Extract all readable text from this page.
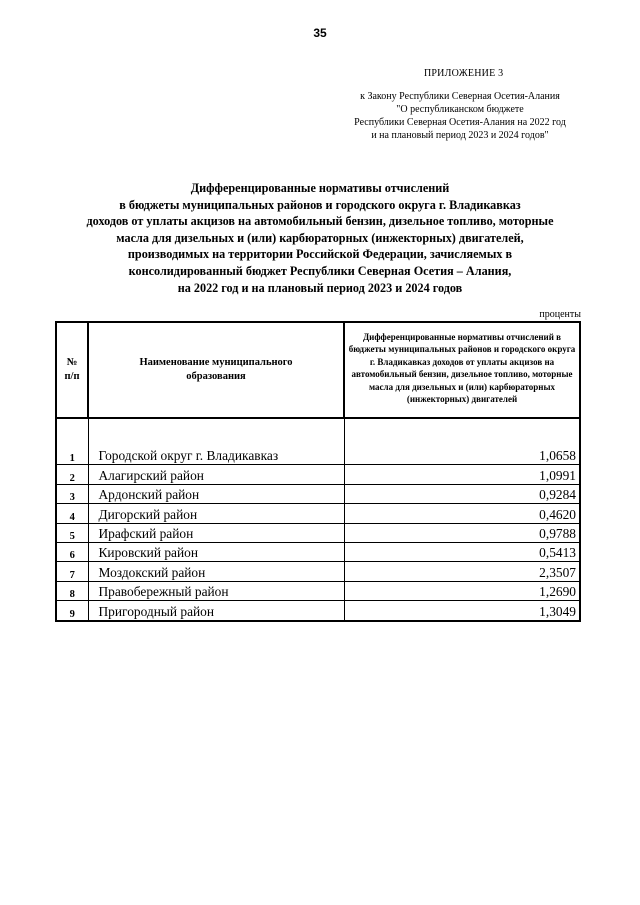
35
ПРИЛОЖЕНИЕ 3
к Закону Республики Северная Осетия-Алания
"О республиканском бюджете
Республики Северная Осетия-Алания на 2022 год
и на плановый период 2023 и 2024 годов"
Дифференцированные нормативы отчислений
в бюджеты муниципальных районов и городского округа г. Владикавказ
доходов от уплаты акцизов на автомобильный бензин, дизельное топливо, моторные
масла для дизельных и (или) карбюраторных (инжекторных) двигателей,
производимых на территории Российской Федерации, зачисляемых в
консолидированный бюджет Республики Северная Осетия – Алания,
на 2022 год и на плановый период 2023 и 2024 годов
проценты
№
п/п	Наименование муниципального образования	Дифференцированные нормативы отчислений в бюджеты муниципальных районов и городского округа г. Владикавказ доходов от уплаты акцизов на автомобильный бензин, дизельное топливо, моторные масла для дизельных и (или) карбюраторных (инжекторных) двигателей

1	Городской округ г. Владикавказ	1,0658
2	Алагирский район	1,0991
3	Ардонский район	0,9284
4	Дигорский район	0,4620
5	Ирафский район	0,9788
6	Кировский район	0,5413
7	Моздокский район	2,3507
8	Правобережный район	1,2690
9	Пригородный район	1,3049
